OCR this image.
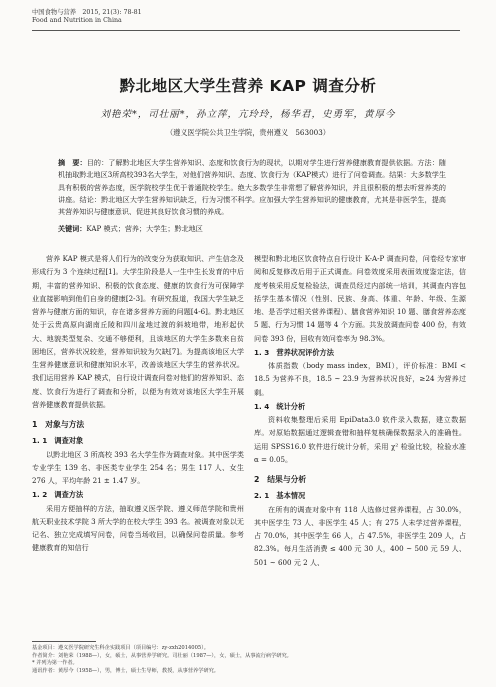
中国食物与营养　2015, 21(3): 78-81
Food and Nutrition in China
黔北地区大学生营养 KAP 调查分析
刘艳荣*，司壮丽*，孙立萍，亢玲玲，杨华君，史勇军，黄厚今
（遵义医学院公共卫生学院，贵州遵义　563003）
摘　要：目的：了解黔北地区大学生营养知识、态度和饮食行为的现状，以期对学生进行营养健康教育提供依据。方法：随机抽取黔北地区3所高校393名大学生，对他们营养知识、态度、饮食行为（KAP模式）进行了问卷调查。结果：大多数学生具有积极的营养态度，医学院校学生优于普通院校学生。绝大多数学生非常想了解营养知识，并且很积极的想去听营养类的讲座。结论：黔北地区大学生营养知识缺乏，行为习惯不科学。应加强大学生营养知识的健康教育，尤其是非医学生，提高其营养知识与健康意识、促进其良好饮食习惯的养成。
关键词：KAP 模式；营养；大学生；黔北地区

营养 KAP 模式是将人们行为的改变分为获取知识、产生信念及形成行为 3 个连续过程[1]。大学生阶段是人一生中生长发育的中后期，丰富的营养知识、积极的饮食态度、健康的饮食行为可保障学业直接影响到他们自身的健康[2-3]。有研究报道，我国大学生缺乏营养与健康方面的知识，存在诸多营养方面的问题[4-6]。黔北地区处于云贵高原向湖南丘陵和四川盆地过渡的斜坡地带，地形起伏大、地貌类型复杂、交通不够便利，且该地区的大学生多数来自贫困地区，营养状况较差，营养知识较为欠缺[7]。为提高该地区大学生营养健康意识和健康知识水平，改善该地区大学生的营养状况。我们运用营养 KAP 模式，自行设计调查问卷对他们的营养知识、态度、饮食行为进行了调查和分析，以便为有效对该地区大学生开展营养健康教育提供依据。

1　对象与方法
1. 1　调查对象

以黔北地区 3 所高校 393 名大学生作为调查对象。其中医学类专业学生 139 名、非医类专业学生 254 名；男生 117 人、女生 276 人，平均年龄 21 ± 1.47 岁。

1. 2　调查方法

采用方便抽样的方法，抽取遵义医学院、遵义师范学院和贵州航天职业技术学院 3 所大学的在校大学生 393 名。被调查对象以无记名、独立完成填写问卷，问卷当场收回，以确保问卷质量。参考健康教育的知信行

模型和黔北地区饮食特点自行设计 K-A-P 调查问卷，问卷经专家审阅和反复修改后用于正式调查。问卷效度采用表面效度鉴定法，信度考核采用反复检验法，调查员经过内部统一培训，其调查内容包括学生基本情况（性别、民族、身高、体重、年龄、年级、生源地、是否学过相关营养课程）、膳食营养知识 10 题、膳食营养态度 5 题、行为习惯 14 题等 4 个方面。共发放调查问卷 400 份，有效问卷 393 份，回收有效问卷率为 98.3%。

1. 3　营养状况评价方法

体质指数（body mass index，BMI），评价标准：BMI < 18.5 为营养不良，18.5 ~ 23.9 为营养状况良好，≥24 为营养过剩。

1. 4　统计分析

资料收集整理后采用 EpiData3.0 软件录入数据，建立数据库。对原始数据通过逻辑查错和抽样复核确保数据录入的准确性。运用 SPSS16.0 软件进行统计分析，采用 χ² 检验比较，检验水准 α = 0.05。

2　结果与分析
2. 1　基本情况

在所有的调查对象中有 118 人选修过营养课程，占 30.0%，其中医学生 73 人、非医学生 45 人；有 275 人未学过营养课程，占 70.0%，其中医学生 66 人，占 47.5%，非医学生 209 人，占 82.3%。每月生活消费 ≤ 400 元 30 人，400 ~ 500 元 59 人、501 ~ 600 元 2 人、

基金项目：遵义医学院研究生科企实践项目（项目编号：zy-zxh2014005）。
作者简介：刘艳荣（1988—），女，硕士，从事营养学研究。司壮丽（1987—），女，硕士，从事流行病学研究。
* 并列为第一作者。
通讯作者：黄厚今（1958—），男，博士，硕士生导师，教授，从事营养学研究。
